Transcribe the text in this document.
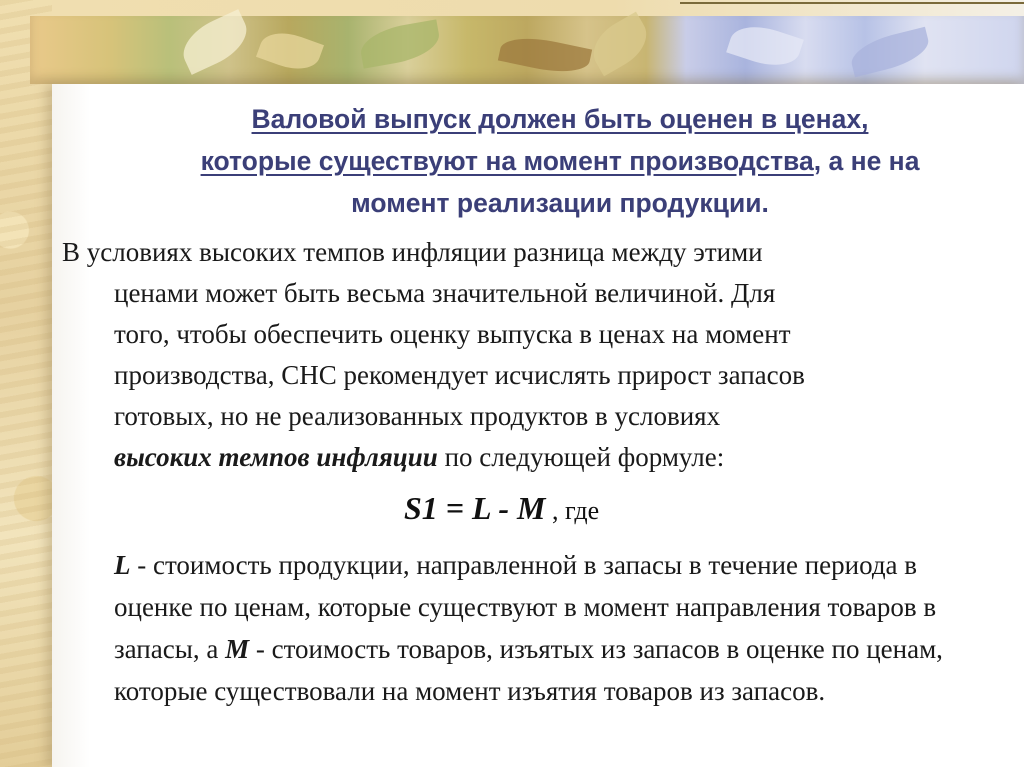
Валовой выпуск должен быть оценен в ценах,
которые существуют на момент производства, а не на
момент реализации продукции.
В условиях высоких темпов инфляции разница между этими
ценами может быть весьма значительной величиной. Для
того, чтобы обеспечить оценку выпуска в ценах на момент
производства, СНС рекомендует исчислять прирост запасов
готовых, но не реализованных продуктов в условиях
высоких темпов инфляции по следующей формуле:
S1 = L - M , где
L - стоимость продукции, направленной в запасы в течение периода в оценке по ценам, которые существуют в момент направления товаров в запасы, а M - стоимость товаров, изъятых из запасов в оценке по ценам, которые существовали на момент изъятия товаров из запасов.
